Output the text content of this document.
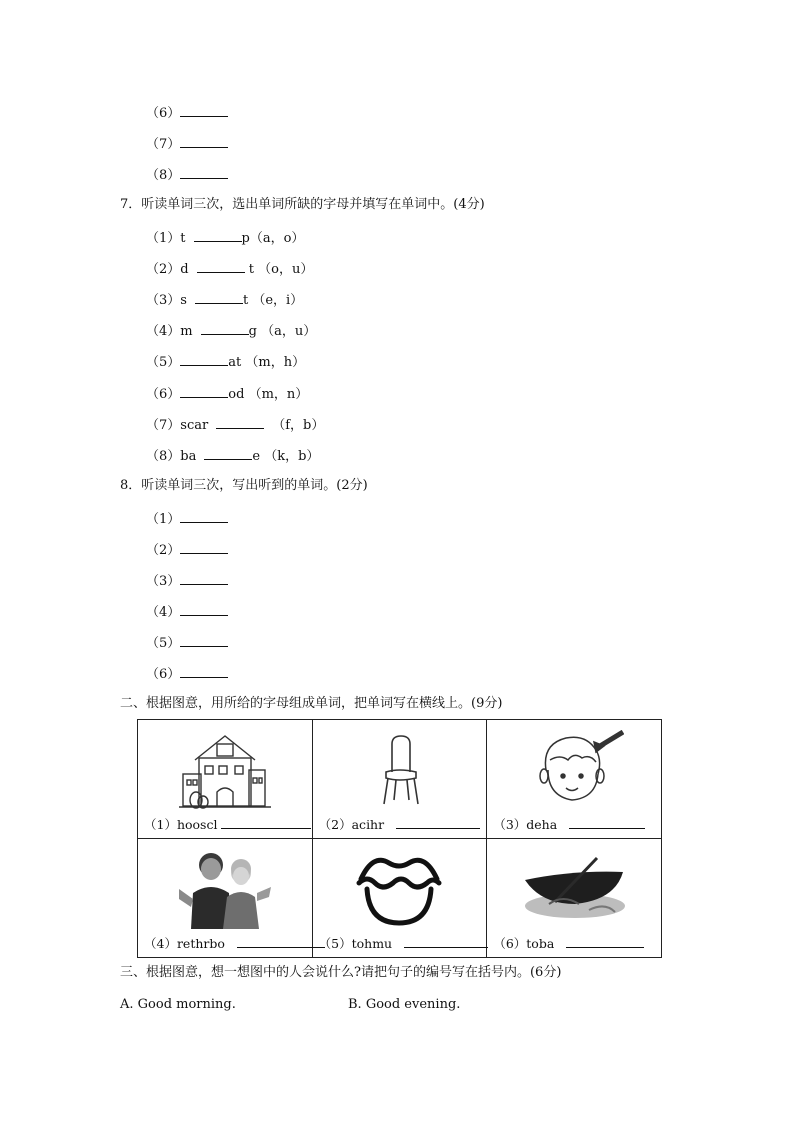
（6）
（7）
（8）
7．听读单词三次，选出单词所缺的字母并填写在单词中。(4分)
（1）t	p（a，o）
（2）d	t （o，u）
（3）s	t （e，i）
（4）m	g （a，u）
（5）	at （m，h）
（6）	od （m，n）
（7）scar	（f，b）
（8）ba	e （k，b）
8．听读单词三次，写出听到的单词。(2分)
（1）
（2）
（3）
（4）
（5）
（6）
二、根据图意，用所给的字母组成单词，把单词写在横线上。(9分)
（1）hooscl	（2）acihr	（3）deha

（4）rethrbo	（5）tohmu	（6）toba
三、根据图意，想一想图中的人会说什么?请把句子的编号写在括号内。(6分)
A. Good morning.	B. Good evening.
